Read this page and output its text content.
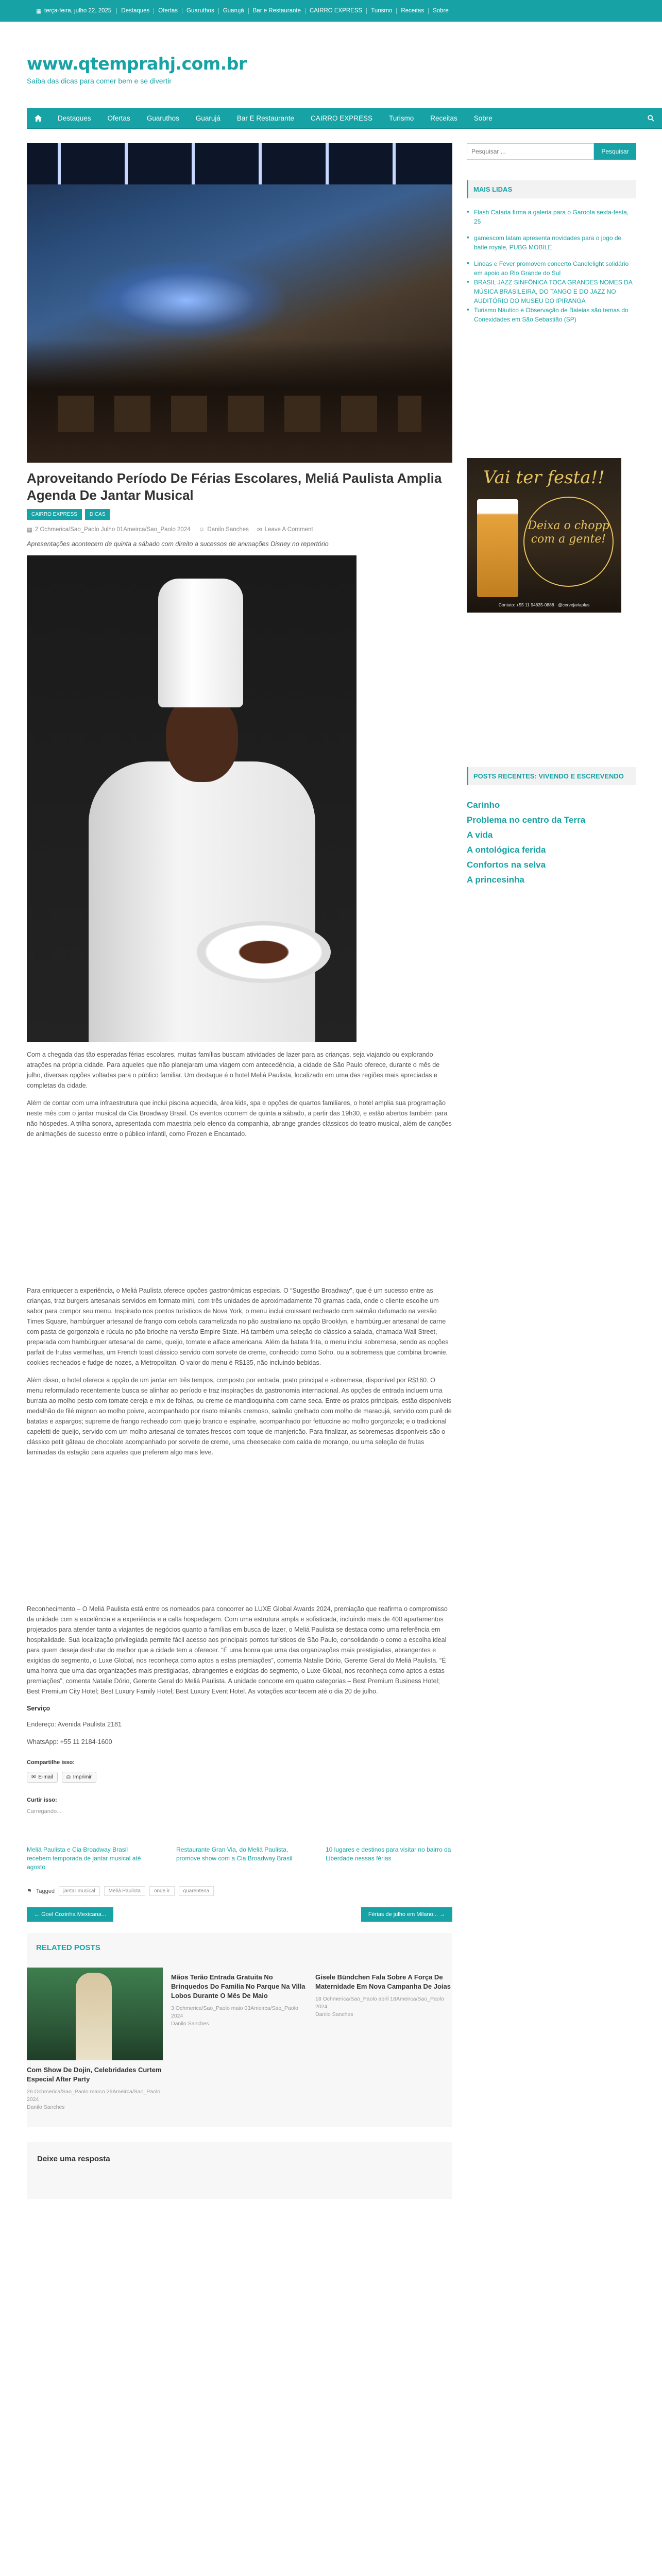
▦ terça-feira, julho 22, 2025	Destaques	Ofertas	Guaruthos	Guarujá	Bar e Restaurante	CAIRRO EXPRESS	Turismo	Receitas	Sobre
www.qtemprahj.com.br
Saiba das dicas para comer bem e se divertir
Destaques	Ofertas	Guaruthos	Guarujá	Bar E Restaurante	CAIRRO EXPRESS	Turismo	Receitas	Sobre
Aproveitando Período De Férias Escolares, Meliá Paulista Amplia Agenda De Jantar Musical
CAIRRO EXPRESS	DICAS
▦ 2 Ochmerica/Sao_Paolo Julho 01Ameirca/Sao_Paolo 2024 ☺ Danilo Sanches ✉ Leave A Comment

Apresentações acontecem de quinta a sábado com direito a sucessos de animações Disney no repertório

Com a chegada das tão esperadas férias escolares, muitas famílias buscam atividades de lazer para as crianças, seja viajando ou explorando atrações na própria cidade. Para aqueles que não planejaram uma viagem com antecedência, a cidade de São Paulo oferece, durante o mês de julho, diversas opções voltadas para o público familiar. Um destaque é o hotel Meliá Paulista, localizado em uma das regiões mais apreciadas e completas da cidade.

Além de contar com uma infraestrutura que inclui piscina aquecida, área kids, spa e opções de quartos familiares, o hotel amplia sua programação neste mês com o jantar musical da Cia Broadway Brasil. Os eventos ocorrem de quinta a sábado, a partir das 19h30, e estão abertos também para não hóspedes. A trilha sonora, apresentada com maestria pelo elenco da companhia, abrange grandes clássicos do teatro musical, além de canções de animações de sucesso entre o público infantil, como Frozen e Encantado.

Para enriquecer a experiência, o Meliá Paulista oferece opções gastronômicas especiais. O “Sugestão Broadway”, que é um sucesso entre as crianças, traz burgers artesanais servidos em formato mini, com três unidades de aproximadamente 70 gramas cada, onde o cliente escolhe um sabor para compor seu menu. Inspirado nos pontos turísticos de Nova York, o menu inclui croissant recheado com salmão defumado na versão Times Square, hambúrguer artesanal de frango com cebola caramelizada no pão australiano na opção Brooklyn, e hambúrguer artesanal de carne com pasta de gorgonzola e rúcula no pão brioche na versão Empire State. Há também uma seleção do clássico a salada, chamada Wall Street, preparada com hambúrguer artesanal de carne, queijo, tomate e alface americana. Além da batata frita, o menu inclui sobremesa, sendo as opções parfait de frutas vermelhas, um French toast clássico servido com sorvete de creme, conhecido como Soho, ou a sobremesa que combina brownie, cookies recheados e fudge de nozes, a Metropolitan. O valor do menu é R$135, não incluindo bebidas.

Além disso, o hotel oferece a opção de um jantar em três tempos, composto por entrada, prato principal e sobremesa, disponível por R$160. O menu reformulado recentemente busca se alinhar ao período e traz inspirações da gastronomia internacional. As opções de entrada incluem uma burrata ao molho pesto com tomate cereja e mix de folhas, ou creme de mandioquinha com carne seca. Entre os pratos principais, estão disponíveis medalhão de filé mignon ao molho poivre, acompanhado por risoto milanês cremoso, salmão grelhado com molho de maracujá, servido com purê de batatas e aspargos; supreme de frango recheado com queijo branco e espinafre, acompanhado por fettuccine ao molho gorgonzola; e o tradicional capeletti de queijo, servido com um molho artesanal de tomates frescos com toque de manjericão. Para finalizar, as sobremesas disponíveis são o clássico petit gâteau de chocolate acompanhado por sorvete de creme, uma cheesecake com calda de morango, ou uma seleção de frutas laminadas da estação para aqueles que preferem algo mais leve.

Reconhecimento – O Meliá Paulista está entre os nomeados para concorrer ao LUXE Global Awards 2024, premiação que reafirma o compromisso da unidade com a excelência e a experiência e a calta hospedagem. Com uma estrutura ampla e sofisticada, incluindo mais de 400 apartamentos projetados para atender tanto a viajantes de negócios quanto a famílias em busca de lazer, o Meliá Paulista se destaca como uma referência em hospitalidade. Sua localização privilegiada permite fácil acesso aos principais pontos turísticos de São Paulo, consolidando-o como a escolha ideal para quem deseja desfrutar do melhor que a cidade tem a oferecer. “É uma honra que uma das organizações mais prestigiadas, abrangentes e exigidas do segmento, o Luxe Global, nos reconheça como aptos a estas premiações”, comenta Natalie Dório, Gerente Geral do Meliá Paulista. “É uma honra que uma das organizações mais prestigiadas, abrangentes e exigidas do segmento, o Luxe Global, nos reconheça como aptos a estas premiações”, comenta Natalie Dório, Gerente Geral do Meliá Paulista. A unidade concorre em quatro categorias – Best Premium Business Hotel; Best Premium City Hotel; Best Luxury Family Hotel; Best Luxury Event Hotel. As votações acontecem até o dia 20 de julho.

Serviço

Endereço: Avenida Paulista 2181

WhatsApp: +55 11 2184-1600

Compartilhe isso:
✉ E-mail	⎙ Imprimir
Curtir isso:
Carregando...
Meliá Paulista e Cia Broadway Brasil recebem temporada de jantar musical até agosto
Restaurante Gran Via, do Meliá Paulista, promove show com a Cia Broadway Brasil
10 lugares e destinos para visitar no bairro da Liberdade nessas férias
⚑ Tagged	jantar musical	Meliá Paulista	onde ir	quarentena
← Goel Cozinha Mexicana...	Férias de julho em Milano... →
RELATED POSTS
Com Show De Dojin, Celebridades Curtem Especial After Party
26 Ochmerica/Sao_Paolo marco 26Ameirca/Sao_Paolo 2024
Danilo Sanches
Mãos Terão Entrada Gratuita No Brinquedos Do Familia No Parque Na Villa Lobos Durante O Mês De Maio
3 Ochmerica/Sao_Paolo maio 03Ameirca/Sao_Paolo 2024
Danilo Sanches
Gisele Bündchen Fala Sobre A Força De Maternidade Em Nova Campanha De Joias
18 Ochmerica/Sao_Paolo abril 18Ameirca/Sao_Paolo 2024
Danilo Sanches
Deixe uma resposta
Pesquisar ...
Pesquisar
MAIS LIDAS
■ Flash Cataria firma a galeria para o Garoota sexta-festa, 25
■ gamescom latam apresenta novidades para o jogo de batle royale, PUBG MOBILE
■ Lindas e Fever promovem concerto Candlelight solidário em apoio ao Rio Grande do Sul
■ BRASIL JAZZ SINFÔNICA TOCA GRANDES NOMES DA MÚSICA BRASILEIRA, DO TANGO E DO JAZZ NO AUDITÓRIO DO MUSEU DO IPIRANGA
■ Turismo Náutico e Observação de Baleias são temas do Conexidades em São Sebastião (SP)
Vai ter festa!!
Deixa o chopp com a gente!
Contato: +55 11 94835-0888 · @cervejariaplus
POSTS RECENTES: VIVENDO E ESCREVENDO
Carinho
Problema no centro da Terra
A vida
A ontológica ferida
Confortos na selva
A princesinha
